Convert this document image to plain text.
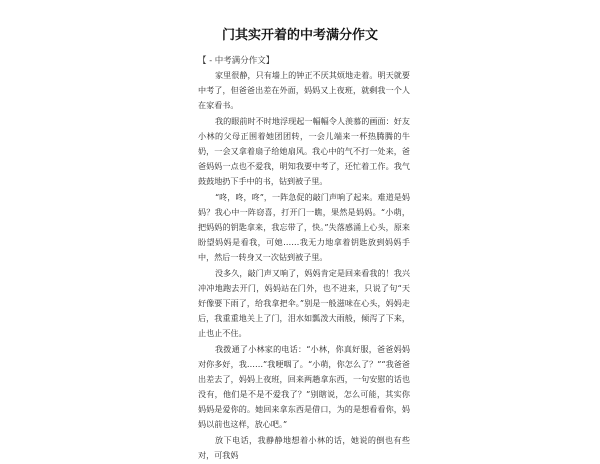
门其实开着的中考满分作文
【 - 中考满分作文】

家里很静，只有墙上的钟正不厌其烦地走着。明天就要中考了，但爸爸出差在外面，妈妈又上夜班，就剩我一个人在家看书。

我的眼前时不时地浮现起一幅幅令人羡慕的画面：好友小林的父母正围着她团团转，一会儿端来一杯热腾腾的牛奶，一会又拿着扇子给她扇风。我心中的气不打一处来，爸爸妈妈一点也不爱我，明知我要中考了，还忙着工作。我气鼓鼓地扔下手中的书，钻到被子里。

“咚，咚，咚”，一阵急促的敲门声响了起来。难道是妈妈？我心中一阵窃喜，打开门一瞧，果然是妈妈。“小萌，把妈妈的钥匙拿来，我忘带了，快。”失落感涌上心头，原来盼望妈妈是看我，可她……我无力地拿着钥匙放到妈妈手中，然后一转身又一次钻到被子里。

没多久，敲门声又响了，妈妈肯定是回来看我的！我兴冲冲地跑去开门，妈妈站在门外，也不进来，只说了句“天好像要下雨了，给我拿把伞。”别是一般滋味在心头，妈妈走后，我重重地关上了门，泪水如瓢泼大雨般，倾泻了下来，止也止不住。

我拨通了小林家的电话：“小林，你真好服，爸爸妈妈对你多好，我……”我哽咽了。“小萌，你怎么了？”“我爸爸出差去了，妈妈上夜班，回来两趟拿东西，一句安慰的话也没有，他们是不是不爱我了？”别瞎说，怎么可能，其实你妈妈是爱你的。她回来拿东西是借口，为的是想看看你，妈妈以前也这样，放心吧。”

放下电话，我静静地想着小林的话，她说的倒也有些对，可我妈
